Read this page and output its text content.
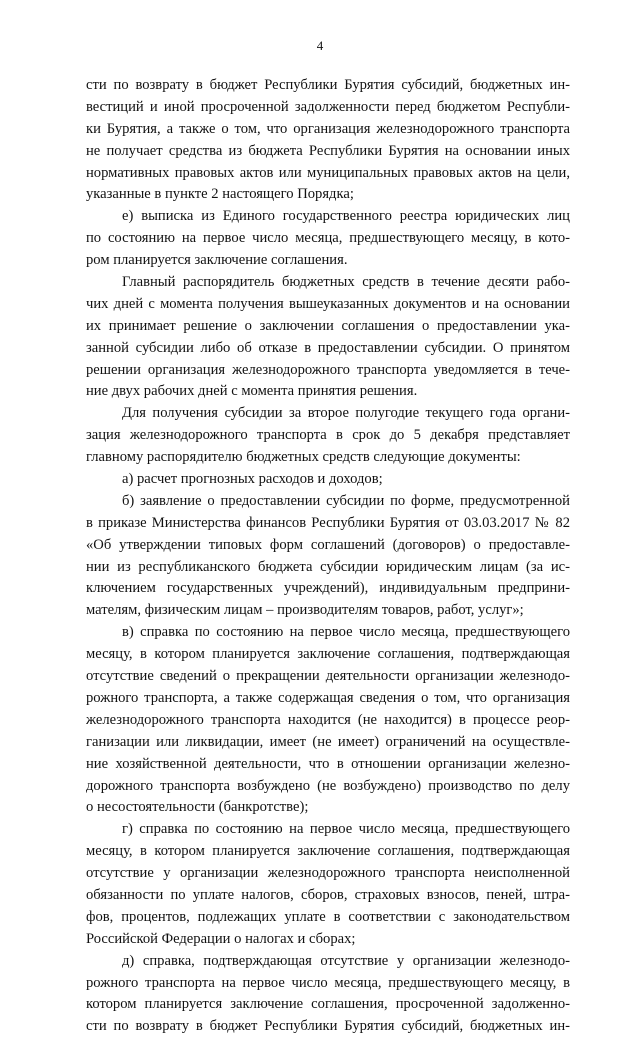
4
сти по возврату в бюджет Республики Бурятия субсидий, бюджетных ин-
вестиций и иной просроченной задолженности перед бюджетом Республи-
ки Бурятия, а также о том, что организация железнодорожного транспорта
не получает средства из бюджета Республики Бурятия на основании иных
нормативных правовых актов или муниципальных правовых актов на цели,
указанные в пункте 2 настоящего Порядка;
е) выписка из Единого государственного реестра юридических лиц
по состоянию на первое число месяца, предшествующего месяцу, в кото-
ром планируется заключение соглашения.
Главный распорядитель бюджетных средств в течение десяти рабо-
чих дней с момента получения вышеуказанных документов и на основании
их принимает решение о заключении соглашения о предоставлении ука-
занной субсидии либо об отказе в предоставлении субсидии. О принятом
решении организация железнодорожного транспорта уведомляется в тече-
ние двух рабочих дней с момента принятия решения.
Для получения субсидии за второе полугодие текущего года органи-
зация железнодорожного транспорта в срок до 5 декабря представляет
главному распорядителю бюджетных средств следующие документы:
а) расчет прогнозных расходов и доходов;
б) заявление о предоставлении субсидии по форме, предусмотренной
в приказе Министерства финансов Республики Бурятия от 03.03.2017 № 82
«Об утверждении типовых форм соглашений (договоров) о предоставле-
нии из республиканского бюджета субсидии юридическим лицам (за ис-
ключением государственных учреждений), индивидуальным предприни-
мателям, физическим лицам – производителям товаров, работ, услуг»;
в) справка по состоянию на первое число месяца, предшествующего
месяцу, в котором планируется заключение соглашения, подтверждающая
отсутствие сведений о прекращении деятельности организации железнодо-
рожного транспорта, а также содержащая сведения о том, что организация
железнодорожного транспорта находится (не находится) в процессе реор-
ганизации или ликвидации, имеет (не имеет) ограничений на осуществле-
ние хозяйственной деятельности, что в отношении организации железно-
дорожного транспорта возбуждено (не возбуждено) производство по делу
о несостоятельности (банкротстве);
г) справка по состоянию на первое число месяца, предшествующего
месяцу, в котором планируется заключение соглашения, подтверждающая
отсутствие у организации железнодорожного транспорта неисполненной
обязанности по уплате налогов, сборов, страховых взносов, пеней, штра-
фов, процентов, подлежащих уплате в соответствии с законодательством
Российской Федерации о налогах и сборах;
д) справка, подтверждающая отсутствие у организации железнодо-
рожного транспорта на первое число месяца, предшествующего месяцу, в
котором планируется заключение соглашения, просроченной задолженно-
сти по возврату в бюджет Республики Бурятия субсидий, бюджетных ин-
